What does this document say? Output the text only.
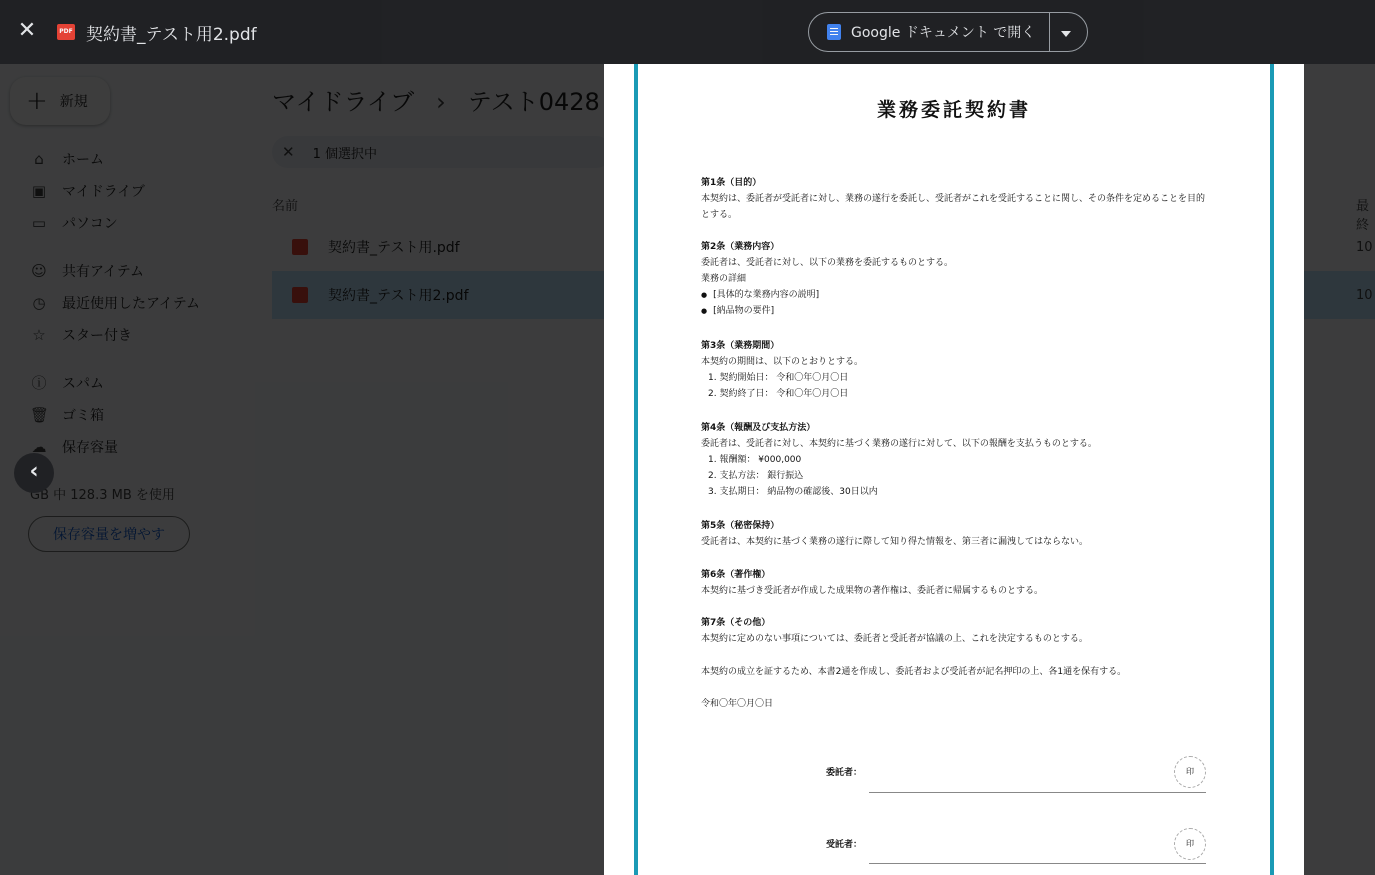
✕	PDF 契約書_テスト用2.pdf	Google ドキュメント で開く
‹
業務委託契約書
第1条（目的）
本契約は、委託者が受託者に対し、業務の遂行を委託し、受託者がこれを受託することに関し、その条件を定めることを目的とする。
第2条（業務内容）
委託者は、受託者に対し、以下の業務を委託するものとする。
業務の詳細
● [具体的な業務内容の説明]
● [納品物の要件]
第3条（業務期間）
本契約の期間は、以下のとおりとする。
1. 契約開始日： 令和〇年〇月〇日
2. 契約終了日： 令和〇年〇月〇日
第4条（報酬及び支払方法）
委託者は、受託者に対し、本契約に基づく業務の遂行に対して、以下の報酬を支払うものとする。
1. 報酬額： ¥000,000
2. 支払方法： 銀行振込
3. 支払期日： 納品物の確認後、30日以内
第5条（秘密保持）
受託者は、本契約に基づく業務の遂行に際して知り得た情報を、第三者に漏洩してはならない。
第6条（著作権）
本契約に基づき受託者が作成した成果物の著作権は、委託者に帰属するものとする。
第7条（その他）
本契約に定めのない事項については、委託者と受託者が協議の上、これを決定するものとする。
本契約の成立を証するため、本書2通を作成し、委託者および受託者が記名押印の上、各1通を保有する。
令和〇年〇月〇日
委託者：	印
受託者：	印
